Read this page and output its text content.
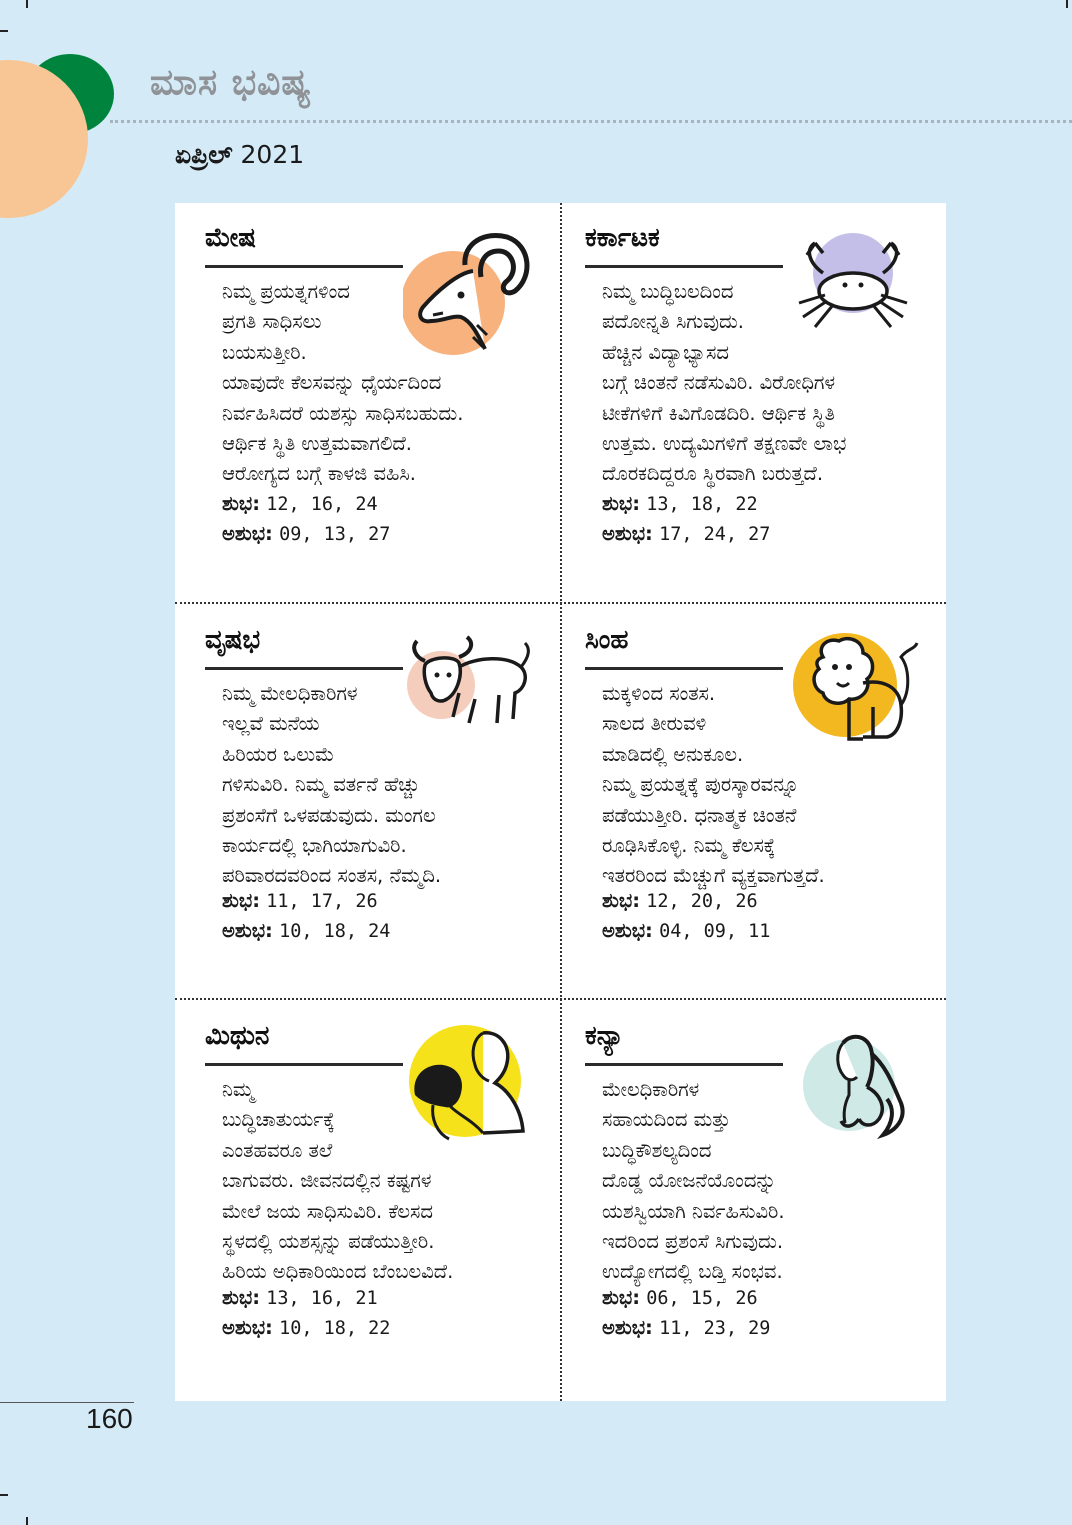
ಮಾಸ ಭವಿಷ್ಯ
ಏಪ್ರಿಲ್ 2021
ಮೇಷ

ನಿಮ್ಮ ಪ್ರಯತ್ನಗಳಿಂದ

ಪ್ರಗತಿ ಸಾಧಿಸಲು

ಬಯಸುತ್ತೀರಿ.

ಯಾವುದೇ ಕೆಲಸವನ್ನು ಧೈರ್ಯದಿಂದ

ನಿರ್ವಹಿಸಿದರೆ ಯಶಸ್ಸು ಸಾಧಿಸಬಹುದು.

ಆರ್ಥಿಕ ಸ್ಥಿತಿ ಉತ್ತಮವಾಗಲಿದೆ.

ಆರೋಗ್ಯದ ಬಗ್ಗೆ ಕಾಳಜಿ ವಹಿಸಿ.

ಶುಭ: 12, 16, 24
ಅಶುಭ: 09, 13, 27
ಕರ್ಕಾಟಕ

ನಿಮ್ಮ ಬುದ್ಧಿಬಲದಿಂದ

ಪದೋನ್ನತಿ ಸಿಗುವುದು.

ಹೆಚ್ಚಿನ ವಿದ್ಯಾಭ್ಯಾಸದ

ಬಗ್ಗೆ ಚಿಂತನೆ ನಡೆಸುವಿರಿ. ವಿರೋಧಿಗಳ

ಟೀಕೆಗಳಿಗೆ ಕಿವಿಗೊಡದಿರಿ. ಆರ್ಥಿಕ ಸ್ಥಿತಿ

ಉತ್ತಮ. ಉದ್ಯಮಿಗಳಿಗೆ ತಕ್ಷಣವೇ ಲಾಭ

ದೊರಕದಿದ್ದರೂ ಸ್ಥಿರವಾಗಿ ಬರುತ್ತದೆ.

ಶುಭ: 13, 18, 22
ಅಶುಭ: 17, 24, 27
ವೃಷಭ

ನಿಮ್ಮ ಮೇಲಧಿಕಾರಿಗಳ

ಇಲ್ಲವೆ ಮನೆಯ

ಹಿರಿಯರ ಒಲುಮೆ

ಗಳಿಸುವಿರಿ. ನಿಮ್ಮ ವರ್ತನೆ ಹೆಚ್ಚು

ಪ್ರಶಂಸೆಗೆ ಒಳಪಡುವುದು. ಮಂಗಲ

ಕಾರ್ಯದಲ್ಲಿ ಭಾಗಿಯಾಗುವಿರಿ.

ಪರಿವಾರದವರಿಂದ ಸಂತಸ, ನೆಮ್ಮದಿ.

ಶುಭ: 11, 17, 26
ಅಶುಭ: 10, 18, 24
ಸಿಂಹ

ಮಕ್ಕಳಿಂದ ಸಂತಸ.

ಸಾಲದ ತೀರುವಳಿ

ಮಾಡಿದಲ್ಲಿ ಅನುಕೂಲ.

ನಿಮ್ಮ ಪ್ರಯತ್ನಕ್ಕೆ ಪುರಸ್ಕಾರವನ್ನೂ

ಪಡೆಯುತ್ತೀರಿ. ಧನಾತ್ಮಕ ಚಿಂತನೆ

ರೂಢಿಸಿಕೊಳ್ಳಿ. ನಿಮ್ಮ ಕೆಲಸಕ್ಕೆ

ಇತರರಿಂದ ಮೆಚ್ಚುಗೆ ವ್ಯಕ್ತವಾಗುತ್ತದೆ.

ಶುಭ: 12, 20, 26
ಅಶುಭ: 04, 09, 11
ಮಿಥುನ

ನಿಮ್ಮ

ಬುದ್ಧಿಚಾತುರ್ಯಕ್ಕೆ

ಎಂತಹವರೂ ತಲೆ

ಬಾಗುವರು. ಜೀವನದಲ್ಲಿನ ಕಷ್ಟಗಳ

ಮೇಲೆ ಜಯ ಸಾಧಿಸುವಿರಿ. ಕೆಲಸದ

ಸ್ಥಳದಲ್ಲಿ ಯಶಸ್ಸನ್ನು ಪಡೆಯುತ್ತೀರಿ.

ಹಿರಿಯ ಅಧಿಕಾರಿಯಿಂದ ಬೆಂಬಲವಿದೆ.

ಶುಭ: 13, 16, 21
ಅಶುಭ: 10, 18, 22
ಕನ್ಯಾ

ಮೇಲಧಿಕಾರಿಗಳ

ಸಹಾಯದಿಂದ ಮತ್ತು

ಬುದ್ಧಿಕೌಶಲ್ಯದಿಂದ

ದೊಡ್ಡ ಯೋಜನೆಯೊಂದನ್ನು

ಯಶಸ್ವಿಯಾಗಿ ನಿರ್ವಹಿಸುವಿರಿ.

ಇದರಿಂದ ಪ್ರಶಂಸೆ ಸಿಗುವುದು.

ಉದ್ಯೋಗದಲ್ಲಿ ಬಡ್ತಿ ಸಂಭವ.

ಶುಭ: 06, 15, 26
ಅಶುಭ: 11, 23, 29
160
